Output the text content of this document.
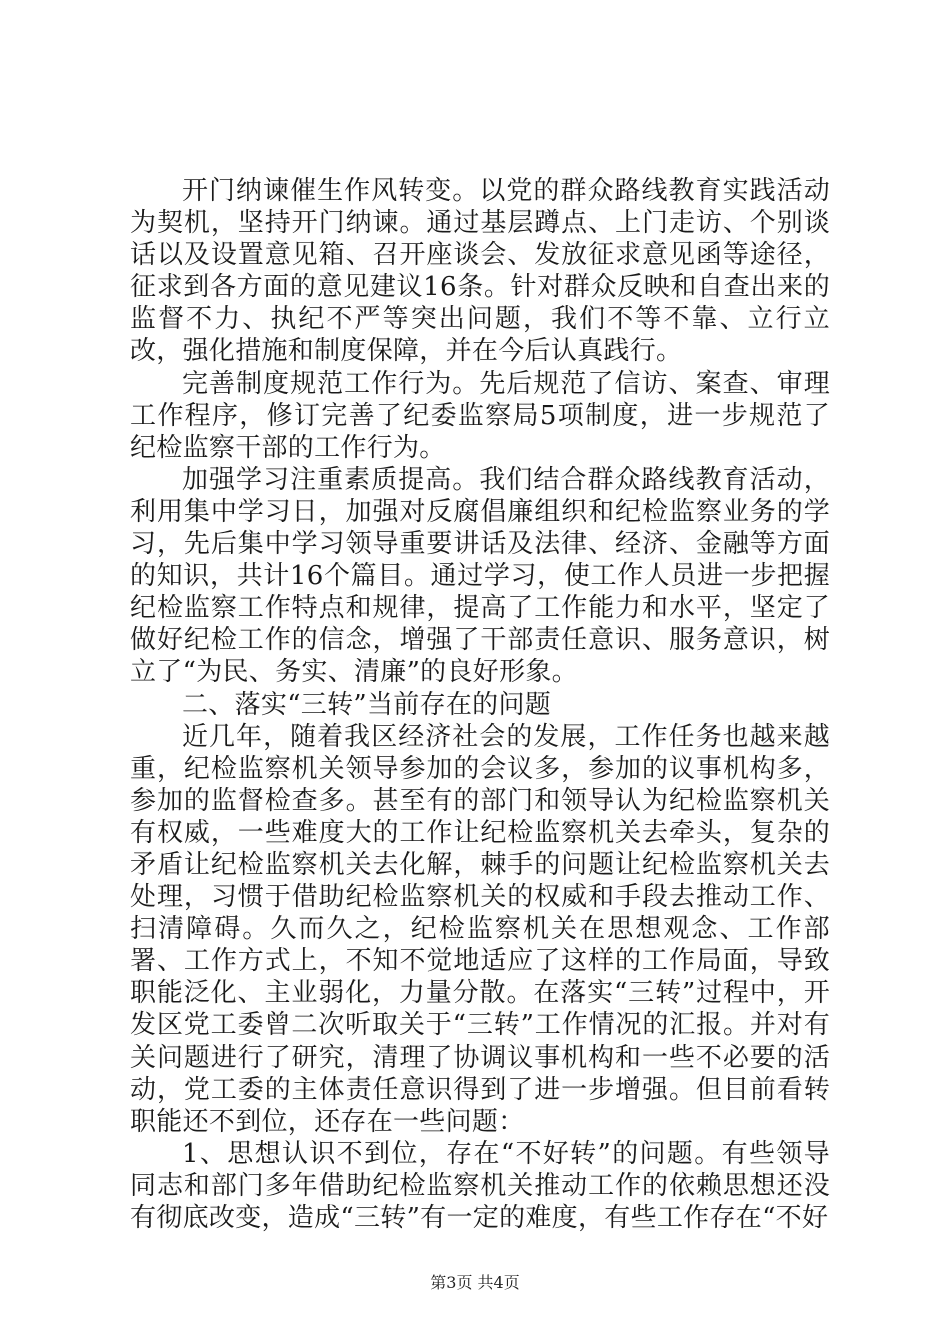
开门纳谏催生作风转变。以党的群众路线教育实践活动为契机，坚持开门纳谏。通过基层蹲点、上门走访、个别谈话以及设置意见箱、召开座谈会、发放征求意见函等途径，征求到各方面的意见建议16条。针对群众反映和自查出来的监督不力、执纪不严等突出问题，我们不等不靠、立行立改，强化措施和制度保障，并在今后认真践行。

完善制度规范工作行为。先后规范了信访、案查、审理工作程序，修订完善了纪委监察局5项制度，进一步规范了纪检监察干部的工作行为。

加强学习注重素质提高。我们结合群众路线教育活动，利用集中学习日，加强对反腐倡廉组织和纪检监察业务的学习，先后集中学习领导重要讲话及法律、经济、金融等方面的知识，共计16个篇目。通过学习，使工作人员进一步把握纪检监察工作特点和规律，提高了工作能力和水平，坚定了做好纪检工作的信念，增强了干部责任意识、服务意识，树立了“为民、务实、清廉”的良好形象。

二、落实“三转”当前存在的问题

近几年，随着我区经济社会的发展，工作任务也越来越重，纪检监察机关领导参加的会议多，参加的议事机构多，参加的监督检查多。甚至有的部门和领导认为纪检监察机关有权威，一些难度大的工作让纪检监察机关去牵头，复杂的矛盾让纪检监察机关去化解，棘手的问题让纪检监察机关去处理，习惯于借助纪检监察机关的权威和手段去推动工作、扫清障碍。久而久之，纪检监察机关在思想观念、工作部署、工作方式上，不知不觉地适应了这样的工作局面，导致职能泛化、主业弱化，力量分散。在落实“三转”过程中，开发区党工委曾二次听取关于“三转”工作情况的汇报。并对有关问题进行了研究，清理了协调议事机构和一些不必要的活动，党工委的主体责任意识得到了进一步增强。但目前看转职能还不到位，还存在一些问题：

1、思想认识不到位，存在“不好转”的问题。有些领导同志和部门多年借助纪检监察机关推动工作的依赖思想还没有彻底改变，造成“三转”有一定的难度，有些工作存在“不好

第3页 共4页
